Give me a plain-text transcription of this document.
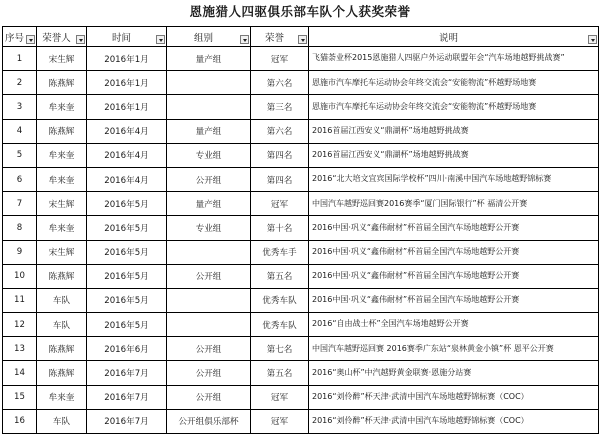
恩施猎人四驱俱乐部车队个人获奖荣誉
序号	荣誉人	时间	组别	荣誉	说明

1	宋生辉	2016年1月	量产组	冠军	飞猫荼业杯2015恩施猎人四驱户外运动联盟年会“汽车场地越野挑战赛”
2	陈燕辉	2016年1月		第六名	恩施市汽车摩托车运动协会年终交流会“安能物流”杯越野场地赛
3	牟来奎	2016年1月		第三名	恩施市汽车摩托车运动协会年终交流会“安能物流”杯越野场地赛
4	陈燕辉	2016年4月	量产组	第六名	2016首届江西安义“鼎湖杯”场地越野挑战赛
5	牟来奎	2016年4月	专业组	第四名	2016首届江西安义“鼎湖杯”场地越野挑战赛
6	牟来奎	2016年4月	公开组	第四名	2016“北大培文宜宾国际学校杯”四川·南溪中国汽车场地越野锦标赛
7	宋生辉	2016年5月	量产组	冠军	中国汽车越野巡回赛2016赛季“厦门国际银行”杯 福清公开赛
8	牟来奎	2016年5月	专业组	第十名	2016中国·巩义“鑫伟耐材”杯首届全国汽车场地越野公开赛
9	宋生辉	2016年5月		优秀车手	2016中国·巩义“鑫伟耐材”杯首届全国汽车场地越野公开赛
10	陈燕辉	2016年5月	公开组	第五名	2016中国·巩义“鑫伟耐材”杯首届全国汽车场地越野公开赛
11	车队	2016年5月		优秀车队	2016中国·巩义“鑫伟耐材”杯首届全国汽车场地越野公开赛
12	车队	2016年5月		优秀车队	2016“自由战士杯”全国汽车场地越野公开赛
13	陈燕辉	2016年6月	公开组	第七名	中国汽车越野巡回赛 2016赛季广东站“泉林黄金小镇”杯 恩平公开赛
14	陈燕辉	2016年7月	公开组	第五名	2016“奥山杯”中汽越野黄金联赛·恩施分站赛
15	牟来奎	2016年7月	公开组	冠军	2016“刘伶醉”杯天津·武清中国汽车场地越野锦标赛（COC）
16	车队	2016年7月	公开组俱乐部杯	冠军	2016“刘伶醉”杯天津·武清中国汽车场地越野锦标赛（COC）
